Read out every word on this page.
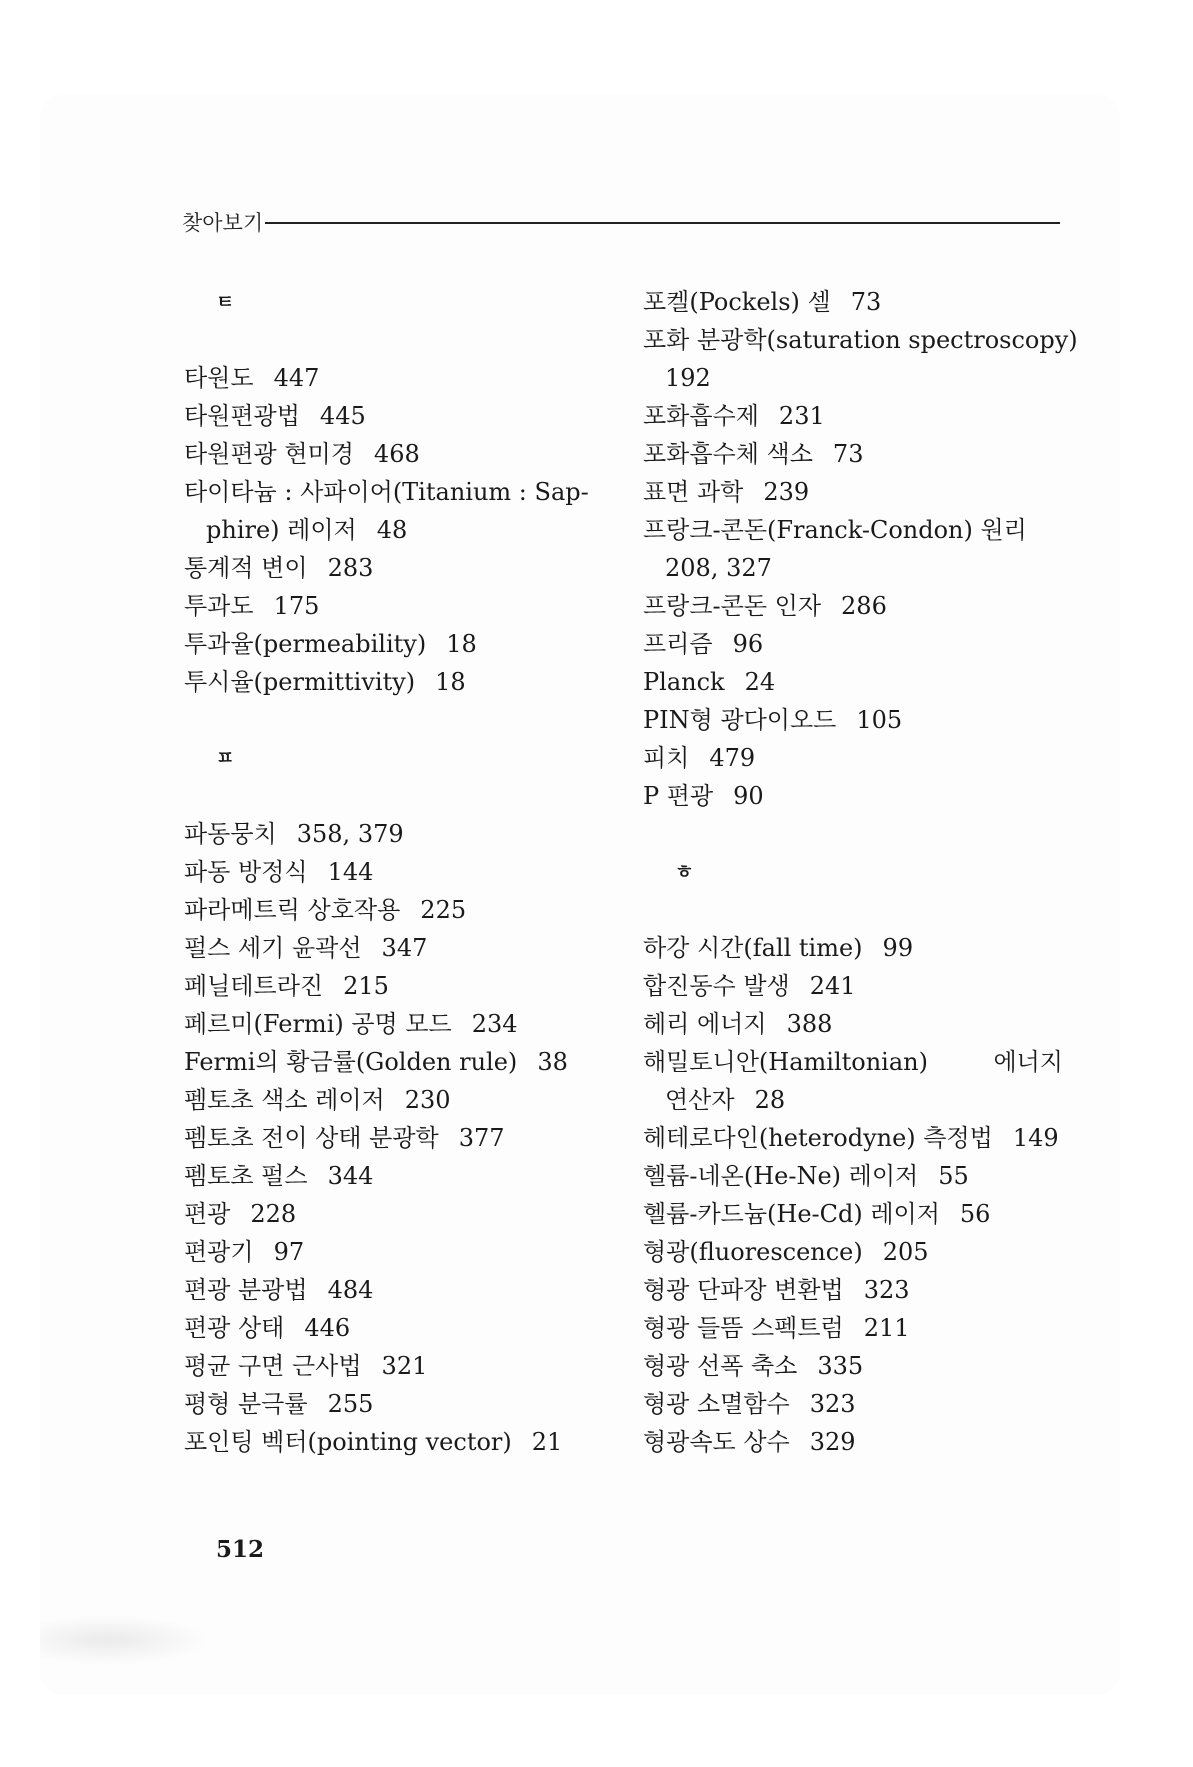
찾아보기
ㅌ
타원도 447
타원편광법 445
타원편광 현미경 468
타이타늄 : 사파이어(Titanium : Sap-
phire) 레이저 48
통계적 변이 283
투과도 175
투과율(permeability) 18
투시율(permittivity) 18
ㅍ
파동뭉치 358, 379
파동 방정식 144
파라메트릭 상호작용 225
펄스 세기 윤곽선 347
페닐테트라진 215
페르미(Fermi) 공명 모드 234
Fermi의 황금률(Golden rule) 38
펨토초 색소 레이저 230
펨토초 전이 상태 분광학 377
펨토초 펄스 344
편광 228
편광기 97
편광 분광법 484
편광 상태 446
평균 구면 근사법 321
평형 분극률 255
포인팅 벡터(pointing vector) 21
포켈(Pockels) 셀 73
포화 분광학(saturation spectroscopy)
192
포화흡수제 231
포화흡수체 색소 73
표면 과학 239
프랑크-콘돈(Franck-Condon) 원리
208, 327
프랑크-콘돈 인자 286
프리즘 96
Planck 24
PIN형 광다이오드 105
피치 479
P 편광 90
ㅎ
하강 시간(fall time) 99
합진동수 발생 241
헤리 에너지 388
해밀토니안(Hamiltonian)	에너지
연산자 28
헤테로다인(heterodyne) 측정법 149
헬륨-네온(He-Ne) 레이저 55
헬륨-카드늄(He-Cd) 레이저 56
형광(fluorescence) 205
형광 단파장 변환법 323
형광 들뜸 스펙트럼 211
형광 선폭 축소 335
형광 소멸함수 323
형광속도 상수 329
512
